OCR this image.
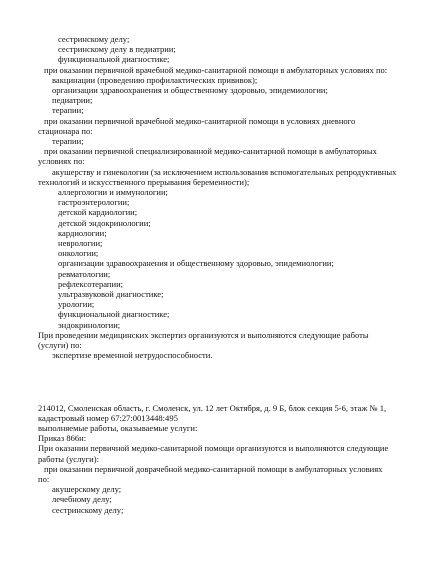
сестринскому делу;

сестринскому делу в педиатрии;

функциональной диагностике;

при оказании первичной врачебной медико-санитарной помощи в амбулаторных условиях по:

вакцинации (проведению профилактических прививок);

организации здравоохранения и общественному здоровью, эпидемиологии;

педиатрии;

терапии;

при оказании первичной врачебной медико-санитарной помощи в условиях дневного

стационара по:

терапии;

при оказании первичной специализированной медико-санитарной помощи в амбулаторных

условиях по:

акушерству и гинекологии (за исключением использования вспомогательных репродуктивных

технологий и искусственного прерывания беременности);

аллергологии и иммунологии;

гастроэнтерологии;

детской кардиологии;

детской эндокринологии;

кардиологии;

неврологии;

онкологии;

организации здравоохранения и общественному здоровью, эпидемиологии;

ревматологии;

рефлексотерапии;

ультразвуковой диагностике;

урологии;

функциональной диагностике;

эндокринологии;

При проведении медицинских экспертиз организуются и выполняются следующие работы

(услуги) по:

экспертизе временной нетрудоспособности.

214012, Смоленская область, г. Смоленск, ул. 12 лет Октября, д. 9 Б, блок секция 5-6, этаж № 1,

кадастровый номер 67:27:0013448:495

выполняемые работы, оказываемые услуги:

Приказ 866н:

При оказании первичной медико-санитарной помощи организуются и выполняются следующие

работы (услуги):

при оказании первичной доврачебной медико-санитарной помощи в амбулаторных условиях

по:

акушерскому делу;

лечебному делу;

сестринскому делу;
